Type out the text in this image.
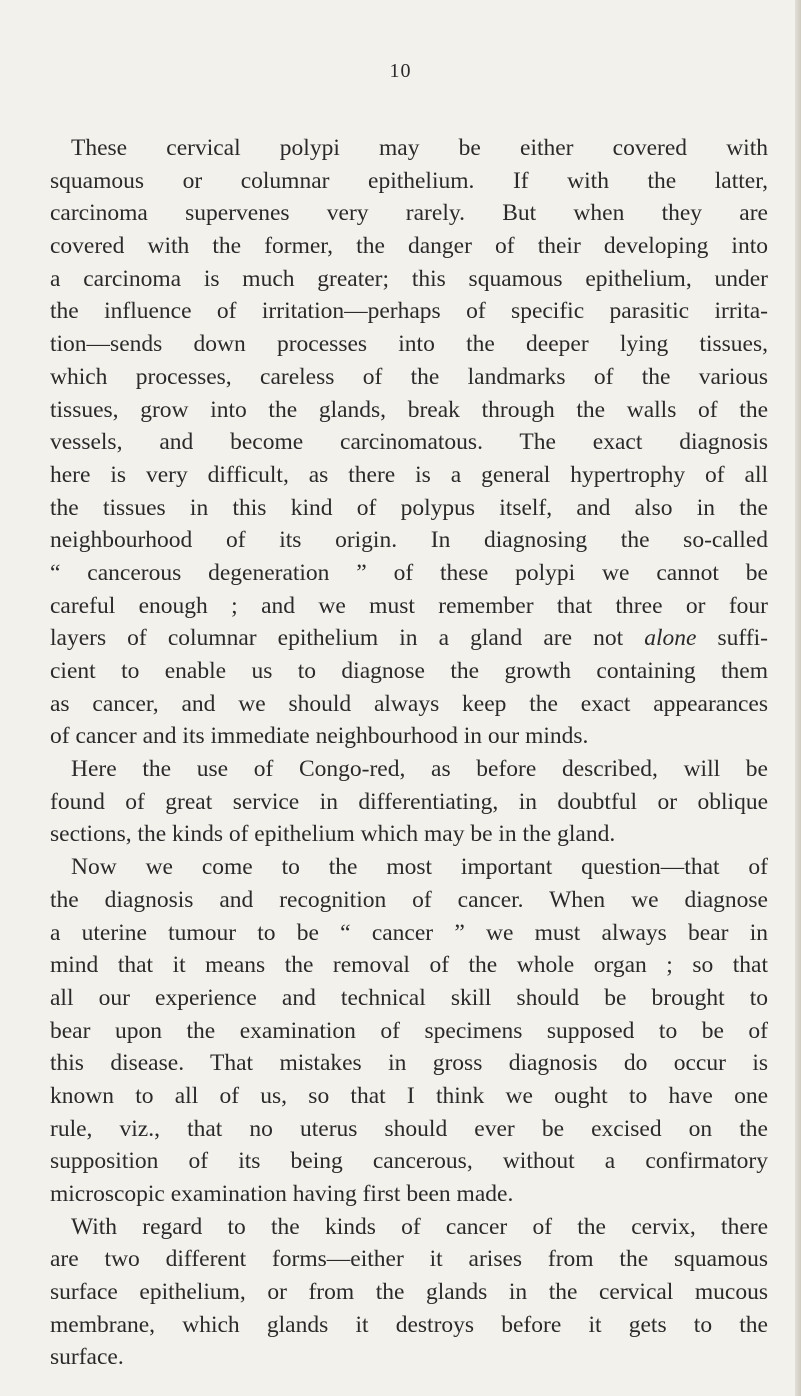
10
These cervical polypi may be either covered with
squamous or columnar epithelium. If with the latter,
carcinoma supervenes very rarely. But when they are
covered with the former, the danger of their developing into
a carcinoma is much greater; this squamous epithelium, under
the influence of irritation—perhaps of specific parasitic irrita-
tion—sends down processes into the deeper lying tissues,
which processes, careless of the landmarks of the various
tissues, grow into the glands, break through the walls of the
vessels, and become carcinomatous. The exact diagnosis
here is very difficult, as there is a general hypertrophy of all
the tissues in this kind of polypus itself, and also in the
neighbourhood of its origin. In diagnosing the so-called
“ cancerous degeneration ” of these polypi we cannot be
careful enough ; and we must remember that three or four
layers of columnar epithelium in a gland are not alone suffi-
cient to enable us to diagnose the growth containing them
as cancer, and we should always keep the exact appearances
of cancer and its immediate neighbourhood in our minds.
Here the use of Congo-red, as before described, will be
found of great service in differentiating, in doubtful or oblique
sections, the kinds of epithelium which may be in the gland.
Now we come to the most important question—that of
the diagnosis and recognition of cancer. When we diagnose
a uterine tumour to be “ cancer ” we must always bear in
mind that it means the removal of the whole organ ; so that
all our experience and technical skill should be brought to
bear upon the examination of specimens supposed to be of
this disease. That mistakes in gross diagnosis do occur is
known to all of us, so that I think we ought to have one
rule, viz., that no uterus should ever be excised on the
supposition of its being cancerous, without a confirmatory
microscopic examination having first been made.
With regard to the kinds of cancer of the cervix, there
are two different forms—either it arises from the squamous
surface epithelium, or from the glands in the cervical mucous
membrane, which glands it destroys before it gets to the
surface.
